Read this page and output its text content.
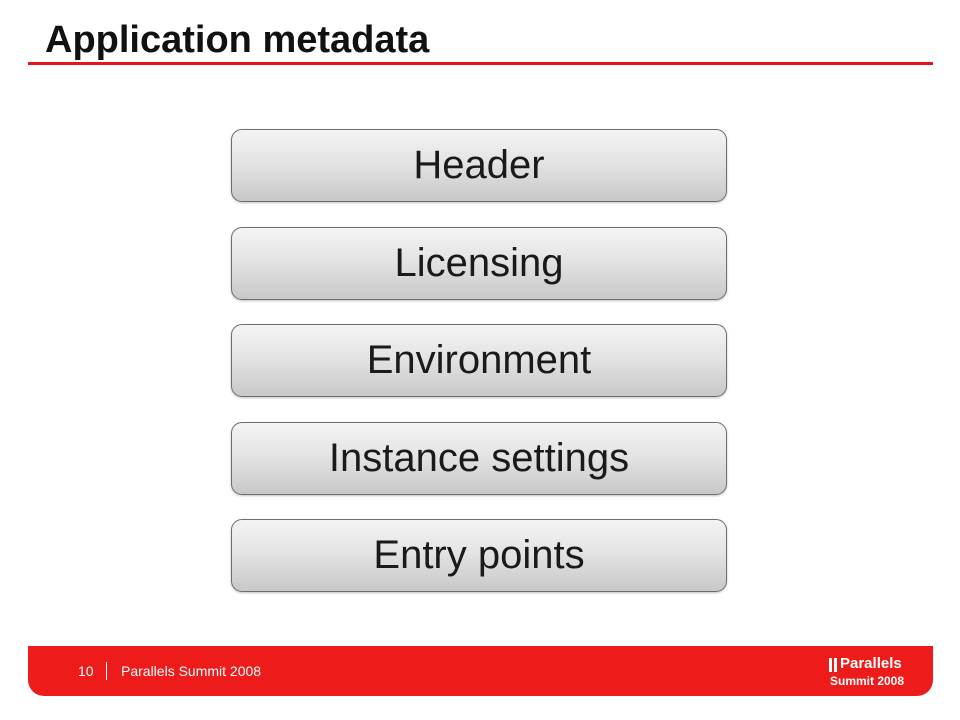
Application metadata
Header
Licensing
Environment
Instance settings
Entry points
10 Parallels Summit 2008	Parallels
Summit 2008
